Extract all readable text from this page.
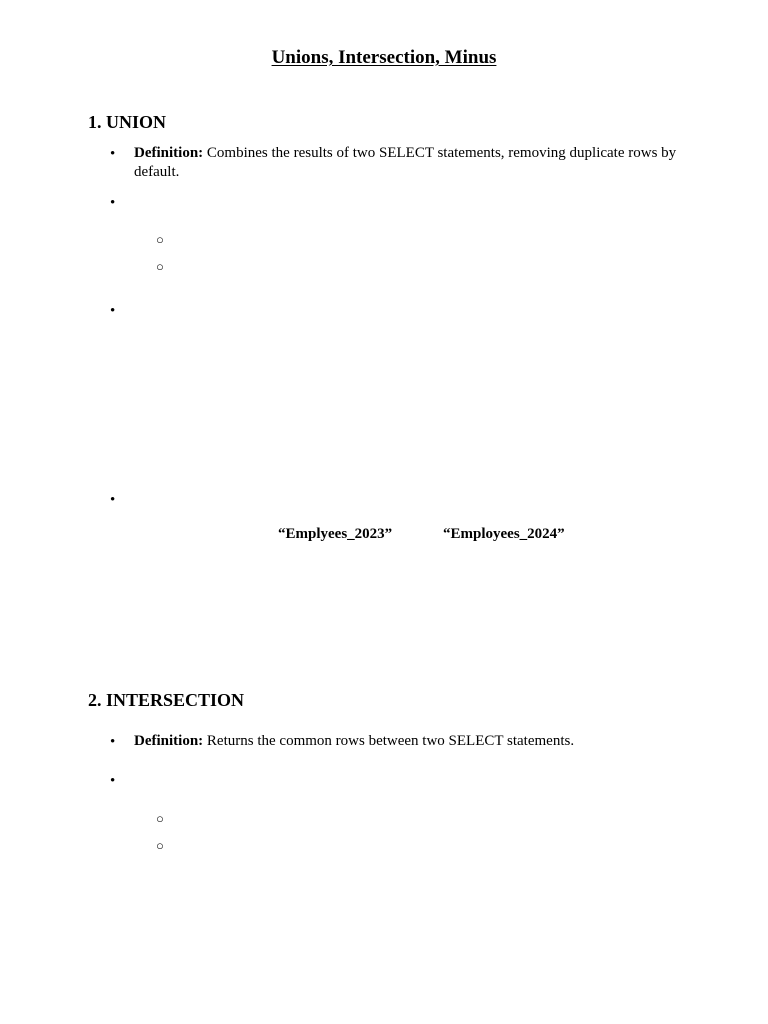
Unions, Intersection, Minus
1. UNION
• Definition: Combines the results of two SELECT statements, removing duplicate rows by default.
•
○
○
•
•
“Emplyees_2023”	“Employees_2024”
2. INTERSECTION
• Definition: Returns the common rows between two SELECT statements.
•
○
○
